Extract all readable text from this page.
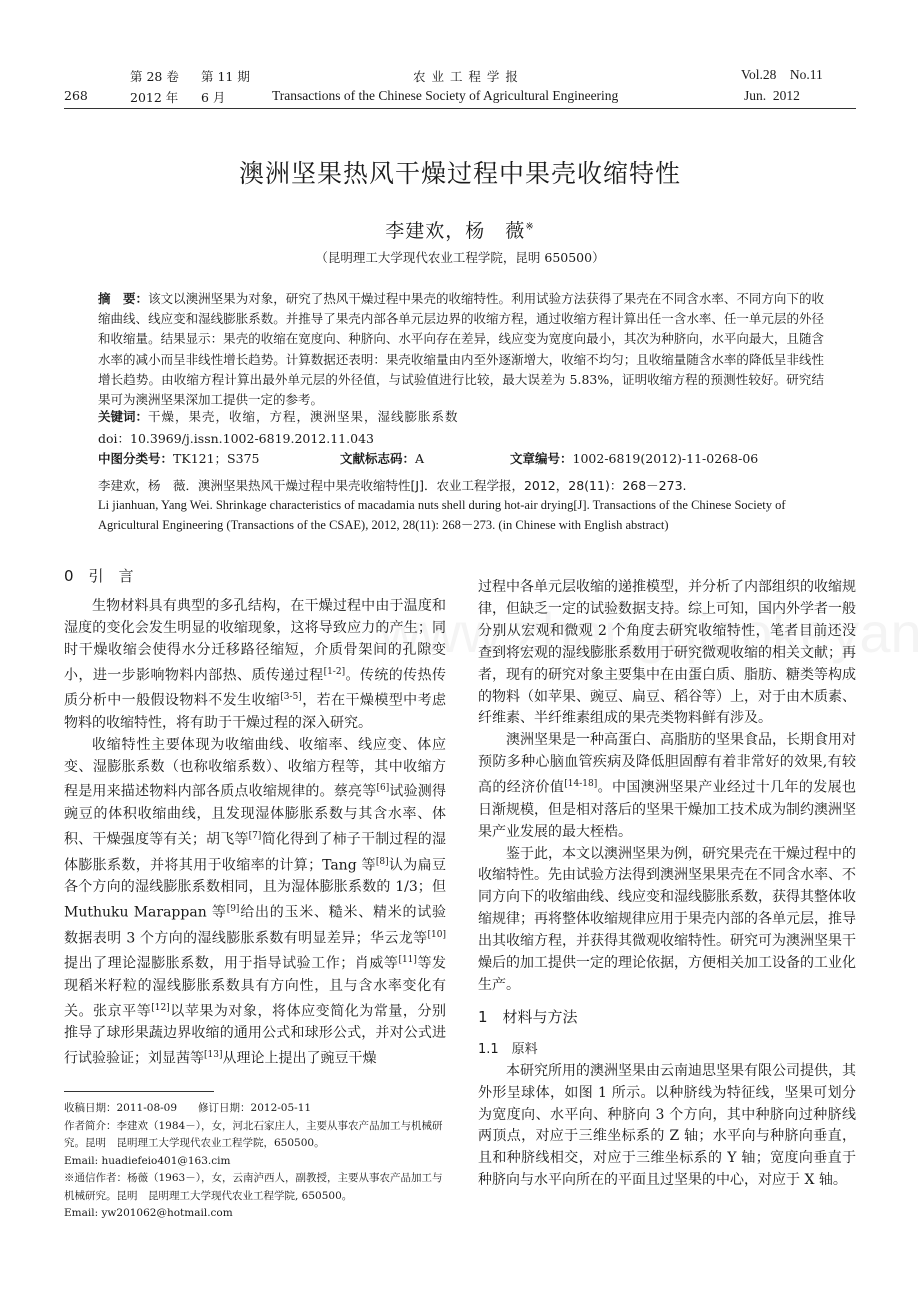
268
第 28 卷 第 11 期
2012 年 6 月
农 业 工 程 学 报
Transactions of the Chinese Society of Agricultural Engineering
Vol.28    No.11
Jun.  2012
澳洲坚果热风干燥过程中果壳收缩特性
李建欢，杨　薇※
（昆明理工大学现代农业工程学院，昆明 650500）
摘　要：该文以澳洲坚果为对象，研究了热风干燥过程中果壳的收缩特性。利用试验方法获得了果壳在不同含水率、不同方向下的收缩曲线、线应变和湿线膨胀系数。并推导了果壳内部各单元层边界的收缩方程，通过收缩方程计算出任一含水率、任一单元层的外径和收缩量。结果显示：果壳的收缩在宽度向、种脐向、水平向存在差异，线应变为宽度向最小，其次为种脐向，水平向最大，且随含水率的减小而呈非线性增长趋势。计算数据还表明：果壳收缩量由内至外逐渐增大，收缩不均匀；且收缩量随含水率的降低呈非线性增长趋势。由收缩方程计算出最外单元层的外径值，与试验值进行比较，最大误差为 5.83%，证明收缩方程的预测性较好。研究结果可为澳洲坚果深加工提供一定的参考。
关键词：干燥，果壳，收缩，方程，澳洲坚果，湿线膨胀系数
doi：10.3969/j.issn.1002-6819.2012.11.043
中图分类号：TK121；S375	文献标志码：A	文章编号：1002-6819(2012)-11-0268-06
李建欢，杨　薇．澳洲坚果热风干燥过程中果壳收缩特性[J]．农业工程学报，2012，28(11)：268－273.
Li jianhuan, Yang Wei. Shrinkage characteristics of macadamia nuts shell during hot-air drying[J]. Transactions of the Chinese Society of Agricultural Engineering (Transactions of the CSAE), 2012, 28(11): 268－273. (in Chinese with English abstract)
0　引　言

生物材料具有典型的多孔结构，在干燥过程中由于温度和湿度的变化会发生明显的收缩现象，这将导致应力的产生；同时干燥收缩会使得水分迁移路径缩短，介质骨架间的孔隙变小，进一步影响物料内部热、质传递过程[1-2]。传统的传热传质分析中一般假设物料不发生收缩[3-5]，若在干燥模型中考虑物料的收缩特性，将有助于干燥过程的深入研究。

收缩特性主要体现为收缩曲线、收缩率、线应变、体应变、湿膨胀系数（也称收缩系数）、收缩方程等，其中收缩方程是用来描述物料内部各质点收缩规律的。蔡亮等[6]试验测得豌豆的体积收缩曲线，且发现湿体膨胀系数与其含水率、体积、干燥强度等有关；胡飞等[7]简化得到了柿子干制过程的湿体膨胀系数，并将其用于收缩率的计算；Tang 等[8]认为扁豆各个方向的湿线膨胀系数相同，且为湿体膨胀系数的 1/3；但 Muthuku Marappan 等[9]给出的玉米、糙米、精米的试验数据表明 3 个方向的湿线膨胀系数有明显差异；华云龙等[10]提出了理论湿膨胀系数，用于指导试验工作；肖威等[11]等发现稻米籽粒的湿线膨胀系数具有方向性，且与含水率变化有关。张京平等[12]以苹果为对象，将体应变简化为常量，分别推导了球形果蔬边界收缩的通用公式和球形公式，并对公式进行试验验证；刘显茜等[13]从理论上提出了豌豆干燥

过程中各单元层收缩的递推模型，并分析了内部组织的收缩规律，但缺乏一定的试验数据支持。综上可知，国内外学者一般分别从宏观和微观 2 个角度去研究收缩特性，笔者目前还没查到将宏观的湿线膨胀系数用于研究微观收缩的相关文献；再者，现有的研究对象主要集中在由蛋白质、脂肪、糖类等构成的物料（如苹果、豌豆、扁豆、稻谷等）上，对于由木质素、纤维素、半纤维素组成的果壳类物料鲜有涉及。

澳洲坚果是一种高蛋白、高脂肪的坚果食品，长期食用对预防多种心脑血管疾病及降低胆固醇有着非常好的效果,有较高的经济价值[14-18]。中国澳洲坚果产业经过十几年的发展也日渐规模，但是相对落后的坚果干燥加工技术成为制约澳洲坚果产业发展的最大桎梏。

鉴于此，本文以澳洲坚果为例，研究果壳在干燥过程中的收缩特性。先由试验方法得到澳洲坚果果壳在不同含水率、不同方向下的收缩曲线、线应变和湿线膨胀系数，获得其整体收缩规律；再将整体收缩规律应用于果壳内部的各单元层，推导出其收缩方程，并获得其微观收缩特性。研究可为澳洲坚果干燥后的加工提供一定的理论依据，方便相关加工设备的工业化生产。

1　材料与方法
1.1　原料

本研究所用的澳洲坚果由云南迪思坚果有限公司提供，其外形呈球体，如图 1 所示。以种脐线为特征线，坚果可划分为宽度向、水平向、种脐向 3 个方向，其中种脐向过种脐线两顶点，对应于三维坐标系的 Z 轴；水平向与种脐向垂直，且和种脐线相交，对应于三维坐标系的 Y 轴；宽度向垂直于种脐向与水平向所在的平面且过坚果的中心，对应于 X 轴。

收稿日期：2011-08-09　　修订日期：2012-05-11

作者简介：李建欢（1984－），女，河北石家庄人，主要从事农产品加工与机械研究。昆明　昆明理工大学现代农业工程学院，650500。

Email: huadiefeio401@163.cim

※通信作者：杨薇（1963－），女，云南泸西人，副教授，主要从事农产品加工与机械研究。昆明　昆明理工大学现代农业工程学院, 650500。

Email: yw201062@hotmail.com
